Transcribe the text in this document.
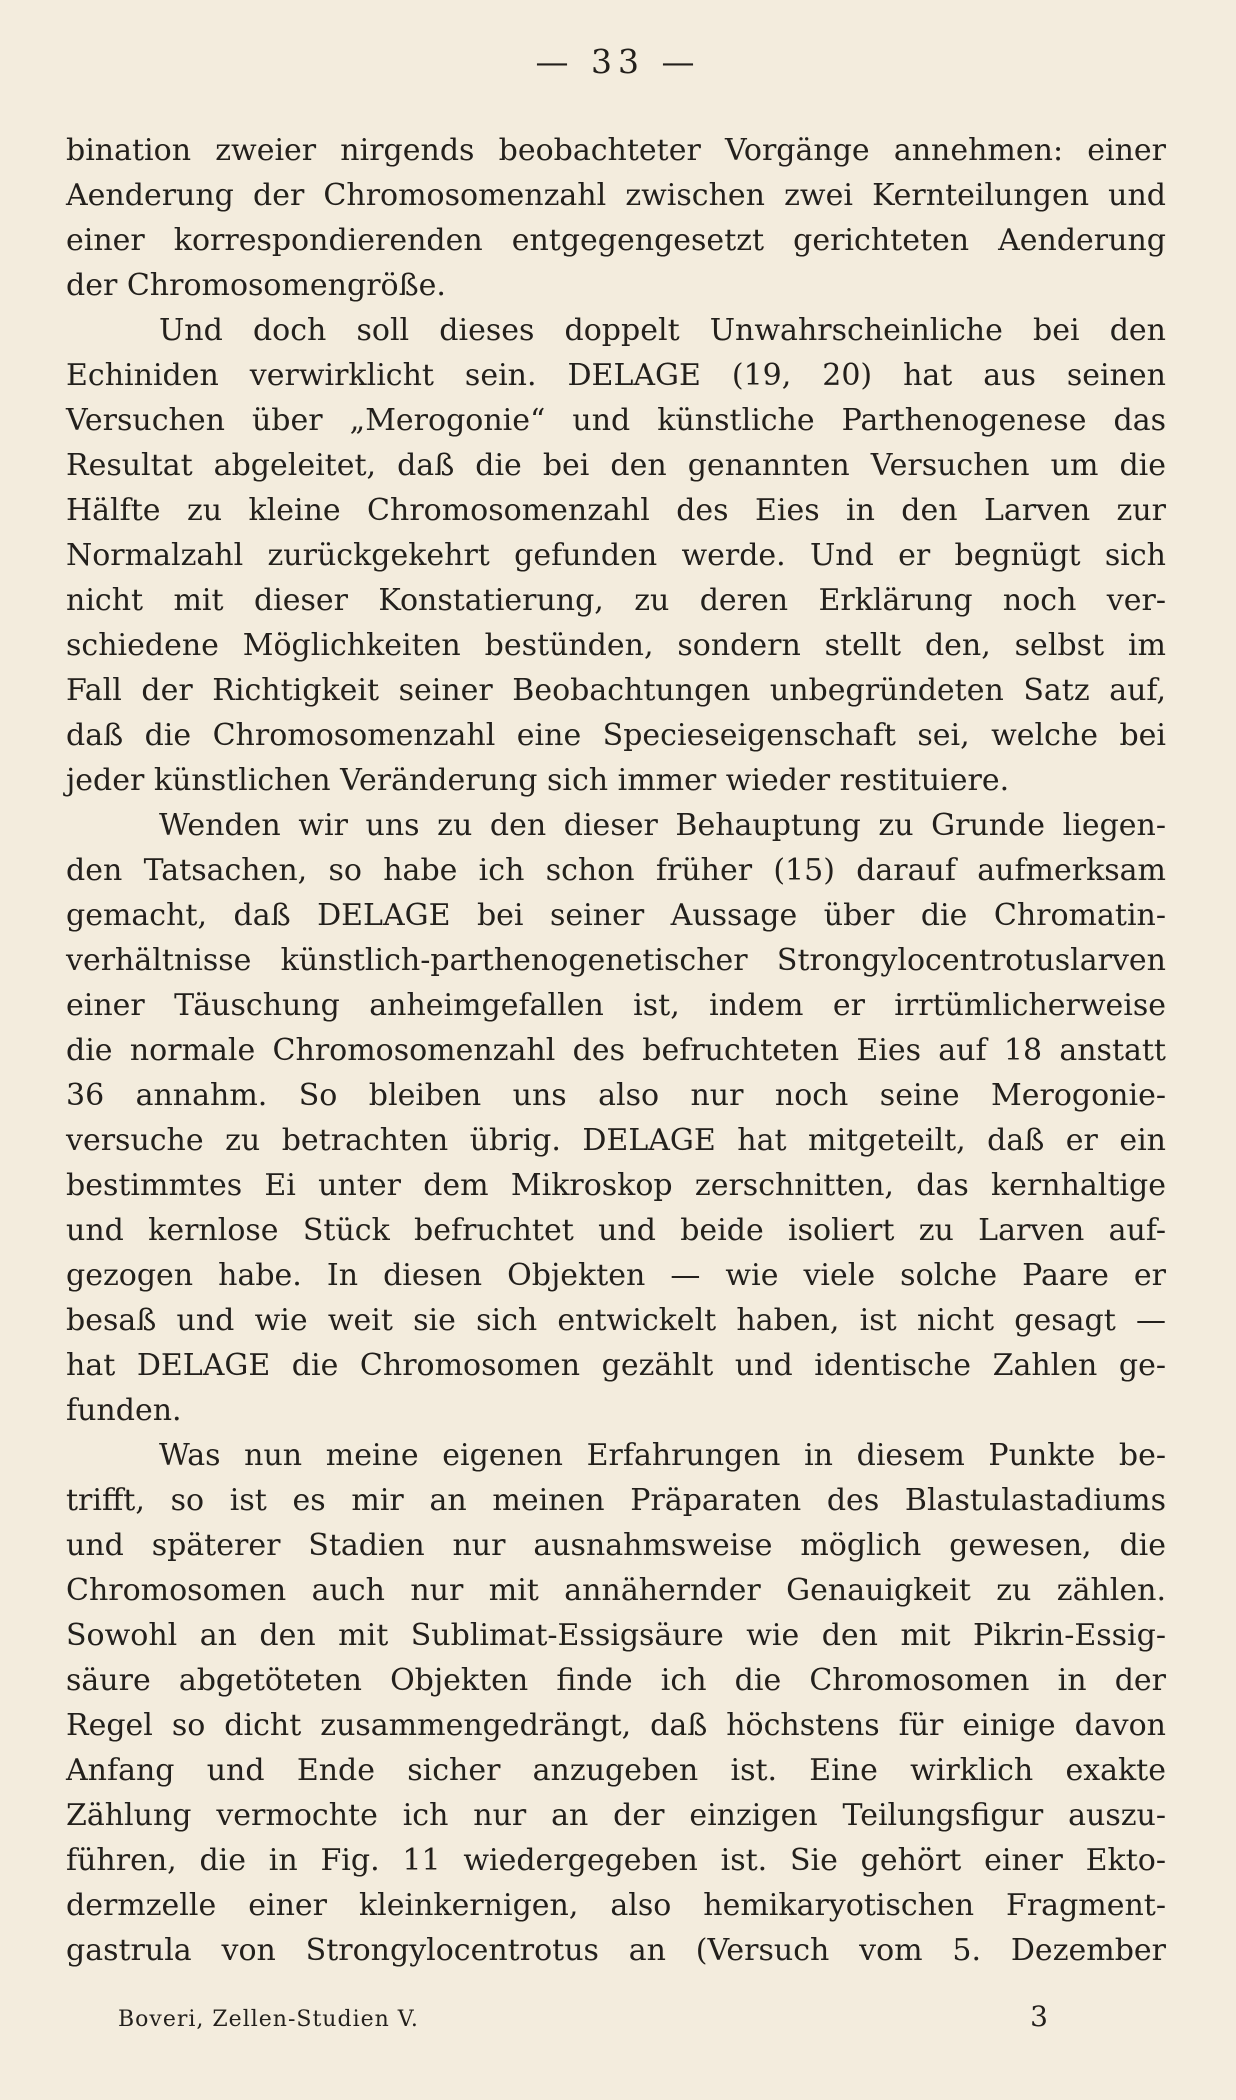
— 33 —
bination zweier nirgends beobachteter Vorgänge annehmen: einer
Aenderung der Chromosomenzahl zwischen zwei Kernteilungen und
einer korrespondierenden entgegengesetzt gerichteten Aenderung
der Chromosomengröße.
Und doch soll dieses doppelt Unwahrscheinliche bei den
Echiniden verwirklicht sein. DELAGE (19, 20) hat aus seinen
Versuchen über „Merogonie“ und künstliche Parthenogenese das
Resultat abgeleitet, daß die bei den genannten Versuchen um die
Hälfte zu kleine Chromosomenzahl des Eies in den Larven zur
Normalzahl zurückgekehrt gefunden werde. Und er begnügt sich
nicht mit dieser Konstatierung, zu deren Erklärung noch ver-
schiedene Möglichkeiten bestünden, sondern stellt den, selbst im
Fall der Richtigkeit seiner Beobachtungen unbegründeten Satz auf,
daß die Chromosomenzahl eine Specieseigenschaft sei, welche bei
jeder künstlichen Veränderung sich immer wieder restituiere.
Wenden wir uns zu den dieser Behauptung zu Grunde liegen-
den Tatsachen, so habe ich schon früher (15) darauf aufmerksam
gemacht, daß DELAGE bei seiner Aussage über die Chromatin-
verhältnisse künstlich-parthenogenetischer Strongylocentrotuslarven
einer Täuschung anheimgefallen ist, indem er irrtümlicherweise
die normale Chromosomenzahl des befruchteten Eies auf 18 anstatt
36 annahm. So bleiben uns also nur noch seine Merogonie-
versuche zu betrachten übrig. DELAGE hat mitgeteilt, daß er ein
bestimmtes Ei unter dem Mikroskop zerschnitten, das kernhaltige
und kernlose Stück befruchtet und beide isoliert zu Larven auf-
gezogen habe. In diesen Objekten — wie viele solche Paare er
besaß und wie weit sie sich entwickelt haben, ist nicht gesagt —
hat DELAGE die Chromosomen gezählt und identische Zahlen ge-
funden.
Was nun meine eigenen Erfahrungen in diesem Punkte be-
trifft, so ist es mir an meinen Präparaten des Blastulastadiums
und späterer Stadien nur ausnahmsweise möglich gewesen, die
Chromosomen auch nur mit annähernder Genauigkeit zu zählen.
Sowohl an den mit Sublimat-Essigsäure wie den mit Pikrin-Essig-
säure abgetöteten Objekten finde ich die Chromosomen in der
Regel so dicht zusammengedrängt, daß höchstens für einige davon
Anfang und Ende sicher anzugeben ist. Eine wirklich exakte
Zählung vermochte ich nur an der einzigen Teilungsfigur auszu-
führen, die in Fig. 11 wiedergegeben ist. Sie gehört einer Ekto-
dermzelle einer kleinkernigen, also hemikaryotischen Fragment-
gastrula von Strongylocentrotus an (Versuch vom 5. Dezember
Boveri, Zellen-Studien V.	3
